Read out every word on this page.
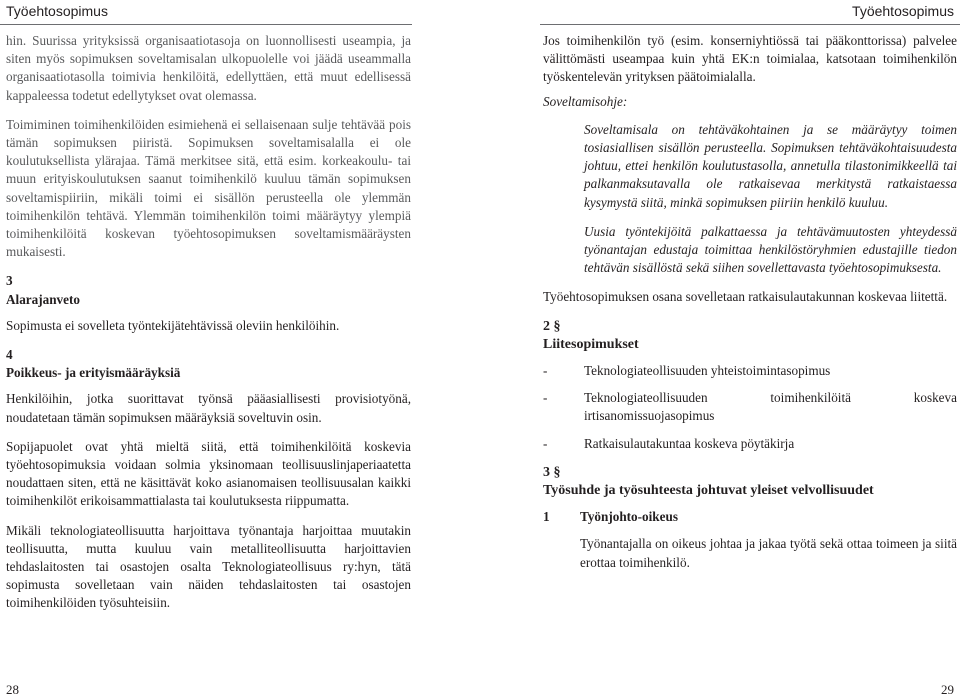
Työehtosopimus	Työehtosopimus

hin. Suurissa yrityksissä organisaatiotasoja on luonnollisesti useampia, ja siten myös sopimuksen soveltamisalan ulkopuolelle voi jäädä useammalla organisaatiotasolla toimivia henkilöitä, edellyttäen, että muut edellisessä kappaleessa todetut edellytykset ovat olemassa.

Toimiminen toimihenkilöiden esimiehenä ei sellaisenaan sulje tehtävää pois tämän sopimuksen piiristä. Sopimuksen soveltamisalalla ei ole koulutuksellista ylärajaa. Tämä merkitsee sitä, että esim. korkeakoulu- tai muun erityiskoulutuksen saanut toimihenkilö kuuluu tämän sopimuksen soveltamispiiriin, mikäli toimi ei sisällön perusteella ole ylemmän toimihenkilön tehtävä. Ylemmän toimihenkilön toimi määräytyy ylempiä toimihenkilöitä koskevan työehtosopimuksen soveltamismääräysten mukaisesti.

3

Alarajanveto

Sopimusta ei sovelleta työntekijätehtävissä oleviin henkilöihin.

4

Poikkeus- ja erityismääräyksiä

Henkilöihin, jotka suorittavat työnsä pääasiallisesti provisiotyönä, noudatetaan tämän sopimuksen määräyksiä soveltuvin osin.

Sopijapuolet ovat yhtä mieltä siitä, että toimihenkilöitä koskevia työehtosopimuksia voidaan solmia yksinomaan teollisuuslinjaperiaatetta noudattaen siten, että ne käsittävät koko asianomaisen teollisuusalan kaikki toimihenkilöt erikoisammattialasta tai koulutuksesta riippumatta.

Mikäli teknologiateollisuutta harjoittava työnantaja harjoittaa muutakin teollisuutta, mutta kuuluu vain metalliteollisuutta harjoittavien tehdaslaitosten tai osastojen osalta Teknologiateollisuus ry:hyn, tätä sopimusta sovelletaan vain näiden tehdaslaitosten tai osastojen toimihenkilöiden työsuhteisiin.

Jos toimihenkilön työ (esim. konserniyhtiössä tai pääkonttorissa) palvelee välittömästi useampaa kuin yhtä EK:n toimialaa, katsotaan toimihenkilön työskentelevän yrityksen päätoimialalla.

Soveltamisohje:

Soveltamisala on tehtäväkohtainen ja se määräytyy toimen tosiasiallisen sisällön perusteella. Sopimuksen tehtäväkohtaisuudesta johtuu, ettei henkilön koulutustasolla, annetulla tilastonimikkeellä tai palkanmaksutavalla ole ratkaisevaa merkitystä ratkaistaessa kysymystä siitä, minkä sopimuksen piiriin henkilö kuuluu.

Uusia työntekijöitä palkattaessa ja tehtävämuutosten yhteydessä työnantajan edustaja toimittaa henkilöstöryhmien edustajille tiedon tehtävän sisällöstä sekä siihen sovellettavasta työehtosopimuksesta.

Työehtosopimuksen osana sovelletaan ratkaisulautakunnan koskevaa liitettä.

2 §

Liitesopimukset

-	Teknologiateollisuuden yhteistoimintasopimus
-	Teknologiateollisuuden toimihenkilöitä koskeva irtisanomissuojasopimus
-	Ratkaisulautakuntaa koskeva pöytäkirja

3 §

Työsuhde ja työsuhteesta johtuvat yleiset velvollisuudet

1	Työnjohto-oikeus

Työnantajalla on oikeus johtaa ja jakaa työtä sekä ottaa toimeen ja siitä erottaa toimihenkilö.

28	29
